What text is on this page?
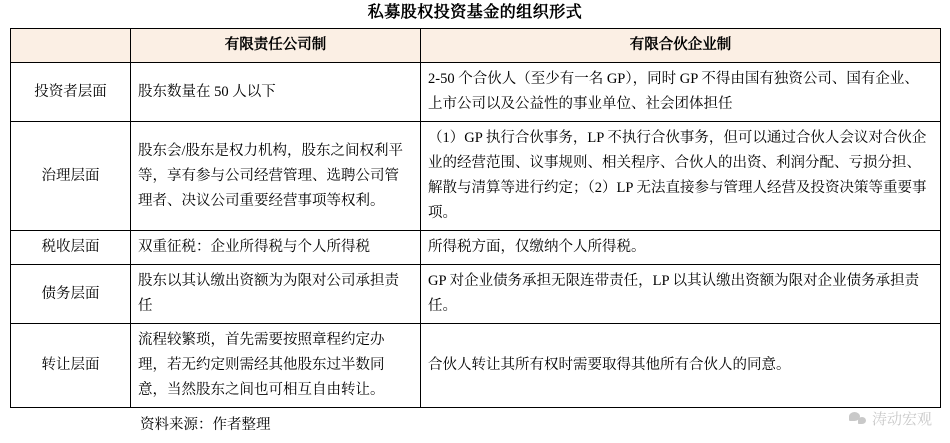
私募股权投资基金的组织形式
	有限责任公司制	有限合伙企业制
投资者层面	股东数量在 50 人以下	2-50 个合伙人（至少有一名 GP），同时 GP 不得由国有独资公司、国有企业、上市公司以及公益性的事业单位、社会团体担任
治理层面	股东会/股东是权力机构，股东之间权利平等，享有参与公司经营管理、选聘公司管理者、决议公司重要经营事项等权利。	（1）GP 执行合伙事务，LP 不执行合伙事务，但可以通过合伙人会议对合伙企业的经营范围、议事规则、相关程序、合伙人的出资、利润分配、亏损分担、解散与清算等进行约定；（2）LP 无法直接参与管理人经营及投资决策等重要事项。
税收层面	双重征税：企业所得税与个人所得税	所得税方面，仅缴纳个人所得税。
债务层面	股东以其认缴出资额为为限对公司承担责任	GP 对企业债务承担无限连带责任，LP 以其认缴出资额为限对企业债务承担责任。
转让层面	流程较繁琐，首先需要按照章程约定办理，若无约定则需经其他股东过半数同意，当然股东之间也可相互自由转让。	合伙人转让其所有权时需要取得其他所有合伙人的同意。
资料来源：作者整理	涛动宏观
